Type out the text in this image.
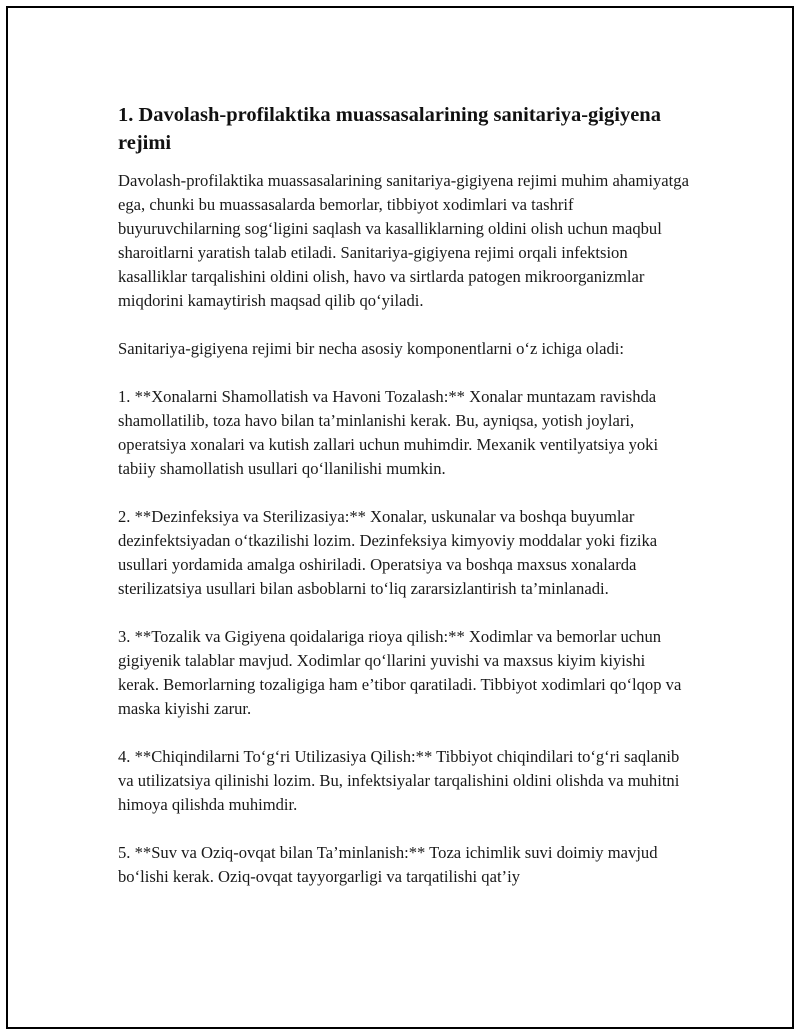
1. Davolash-profilaktika muassasalarining sanitariya-gigiyena rejimi

Davolash-profilaktika muassasalarining sanitariya-gigiyena rejimi muhim ahamiyatga ega, chunki bu muassasalarda bemorlar, tibbiyot xodimlari va tashrif buyuruvchilarning sog‘ligini saqlash va kasalliklarning oldini olish uchun maqbul sharoitlarni yaratish talab etiladi. Sanitariya-gigiyena rejimi orqali infektsion kasalliklar tarqalishini oldini olish, havo va sirtlarda patogen mikroorganizmlar miqdorini kamaytirish maqsad qilib qo‘yiladi.

Sanitariya-gigiyena rejimi bir necha asosiy komponentlarni o‘z ichiga oladi:

1. **Xonalarni Shamollatish va Havoni Tozalash:** Xonalar muntazam ravishda shamollatilib, toza havo bilan ta’minlanishi kerak. Bu, ayniqsa, yotish joylari, operatsiya xonalari va kutish zallari uchun muhimdir. Mexanik ventilyatsiya yoki tabiiy shamollatish usullari qo‘llanilishi mumkin.

2. **Dezinfeksiya va Sterilizasiya:** Xonalar, uskunalar va boshqa buyumlar dezinfektsiyadan o‘tkazilishi lozim. Dezinfeksiya kimyoviy moddalar yoki fizika usullari yordamida amalga oshiriladi. Operatsiya va boshqa maxsus xonalarda sterilizatsiya usullari bilan asboblarni to‘liq zararsizlantirish ta’minlanadi.

3. **Tozalik va Gigiyena qoidalariga rioya qilish:** Xodimlar va bemorlar uchun gigiyenik talablar mavjud. Xodimlar qo‘llarini yuvishi va maxsus kiyim kiyishi kerak. Bemorlarning tozaligiga ham e’tibor qaratiladi. Tibbiyot xodimlari qo‘lqop va maska kiyishi zarur.

4. **Chiqindilarni To‘g‘ri Utilizasiya Qilish:** Tibbiyot chiqindilari to‘g‘ri saqlanib va utilizatsiya qilinishi lozim. Bu, infektsiyalar tarqalishini oldini olishda va muhitni himoya qilishda muhimdir.

5. **Suv va Oziq-ovqat bilan Ta’minlanish:** Toza ichimlik suvi doimiy mavjud bo‘lishi kerak. Oziq-ovqat tayyorgarligi va tarqatilishi qat’iy
